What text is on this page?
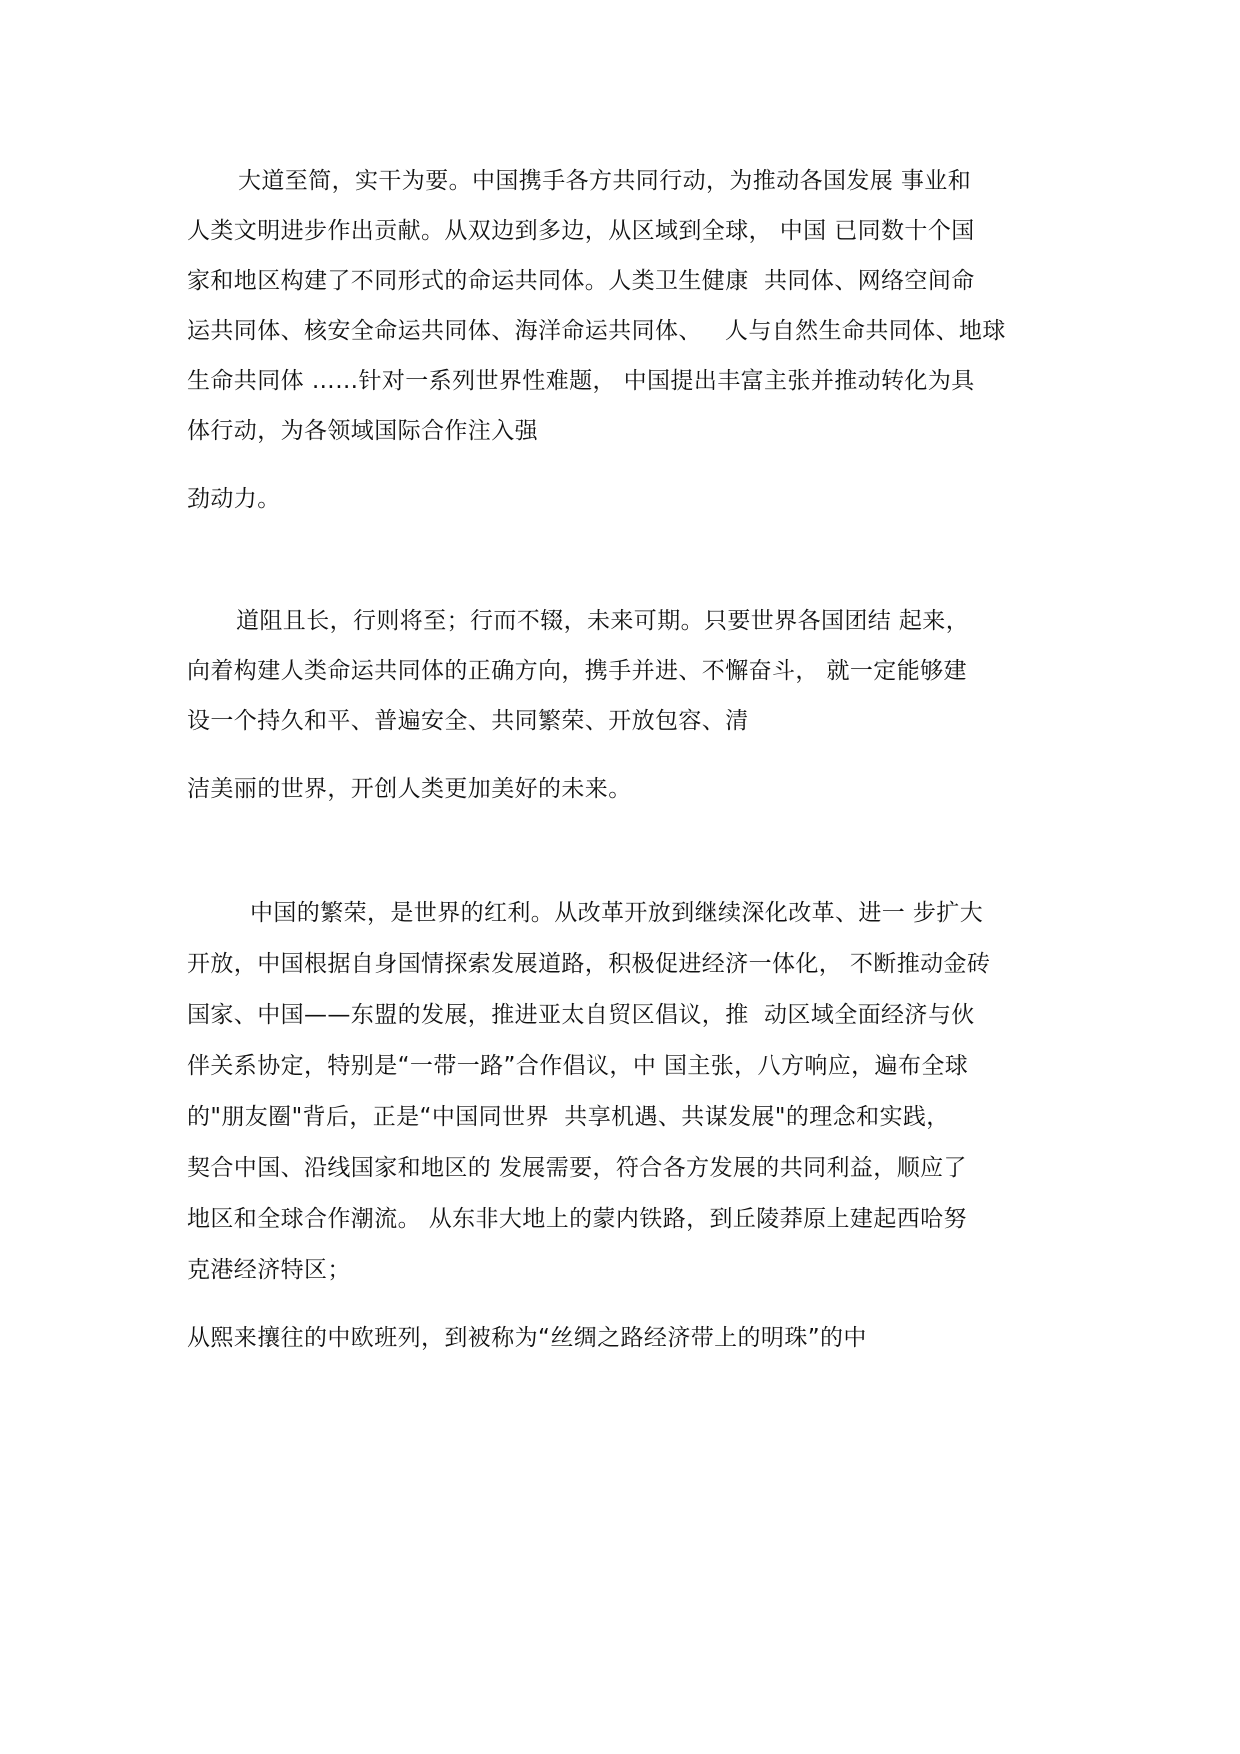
大道至简，实干为要。中国携手各方共同行动，为推动各国发展 事业和

人类文明进步作出贡献。从双边到多边，从区域到全球， 中国 已同数十个国

家和地区构建了不同形式的命运共同体。人类卫生健康  共同体、网络空间命

运共同体、核安全命运共同体、海洋命运共同体、   人与自然生命共同体、地球

生命共同体 ……针对一系列世界性难题， 中国提出丰富主张并推动转化为具

体行动，为各领域国际合作注入强

劲动力。

道阻且长，行则将至；行而不辍，未来可期。只要世界各国团结 起来，

向着构建人类命运共同体的正确方向，携手并进、不懈奋斗， 就一定能够建

设一个持久和平、普遍安全、共同繁荣、开放包容、清

洁美丽的世界，开创人类更加美好的未来。

中国的繁荣，是世界的红利。从改革开放到继续深化改革、进一 步扩大

开放，中国根据自身国情探索发展道路，积极促进经济一体化， 不断推动金砖

国家、中国——东盟的发展，推进亚太自贸区倡议，推  动区域全面经济与伙

伴关系协定，特别是“一带一路”合作倡议，中 国主张，八方响应，遍布全球

的"朋友圈"背后，正是“中国同世界  共享机遇、共谋发展"的理念和实践，

契合中国、沿线国家和地区的 发展需要，符合各方发展的共同利益，顺应了

地区和全球合作潮流。 从东非大地上的蒙内铁路，到丘陵莽原上建起西哈努

克港经济特区；

从熙来攘往的中欧班列，到被称为“丝绸之路经济带上的明珠”的中
